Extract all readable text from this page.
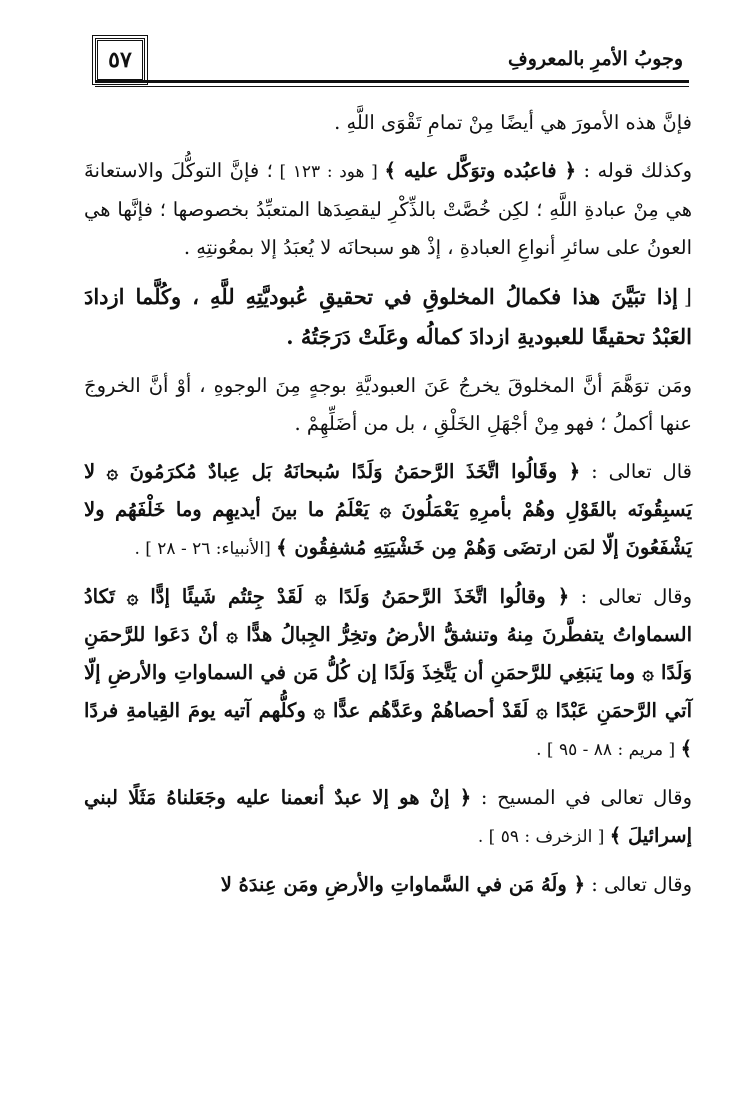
٥٧	وجوبُ الأمرِ بالمعروفِ

فإنَّ هذه الأمورَ هي أيضًا مِنْ تمامِ تَقْوَى اللَّهِ .

وكذلك قوله : ﴿ فاعبُده وتوَكَّل عليه ﴾ [ هود : ١٢٣ ] ؛ فإنَّ التوكُّلَ والاستعانةَ هي مِنْ عبادةِ اللَّهِ ؛ لكِن خُصَّتْ بالذِّكْرِ ليقصِدَها المتعبِّدُ بخصوصها ؛ فإنَّها هي العونُ على سائرِ أنواعِ العبادةِ ، إذْ هو سبحانَه لا يُعبَدُ إلا بمعُونتِهِ .

⌊إذا تبَيَّنَ هذا فكمالُ المخلوقِ في تحقيقِ عُبوديَّتِهِ للَّهِ ، وكُلَّما ازدادَ العَبْدُ تحقيقًا للعبوديةِ ازدادَ كمالُه وعَلَتْ دَرَجَتُهُ .

ومَن توَهَّمَ أنَّ المخلوقَ يخرجُ عَنَ العبوديَّةِ بوجهٍ مِنَ الوجوهِ ، أوْ أنَّ الخروجَ عنها أكملُ ؛ فهو مِنْ أجْهَلِ الخَلْقِ ، بل من أضَلِّهِمْ .

قال تعالى : ﴿ وقَالُوا اتَّخَذَ الرَّحمَنُ وَلَدًا سُبحانَهُ بَل عِبادٌ مُكرَمُونَ ۞ لا يَسبِقُونَه بالقَوْلِ وهُمْ بأمرِهِ يَعْمَلُونَ ۞ يَعْلَمُ ما بينَ أيديهِم وما خَلْفَهُم ولا يَشْفَعُونَ إلّا لمَن ارتضَى وَهُمْ مِن خَشْيَتِهِ مُشفِقُون ﴾ [الأنبياء: ٢٦ - ٢٨ ] .

وقال تعالى : ﴿ وقالُوا اتَّخَذَ الرَّحمَنُ وَلَدًا ۞ لَقَدْ جِئتُم شَيئًا إدًّا ۞ تَكادُ السماواتُ يتفطَّرنَ مِنهُ وتنشقُّ الأرضُ وتخِرُّ الجِبالُ هدًّا ۞ أنْ دَعَوا للرَّحمَنِ وَلَدًا ۞ وما يَنبَغِي للرَّحمَنِ أن يَتَّخِذَ وَلَدًا إن كُلُّ مَن في السماواتِ والأرضِ إلّا آتي الرَّحمَنِ عَبْدًا ۞ لَقَدْ أحصاهُمْ وعَدَّهُم عدًّا ۞ وكلُّهم آتيه يومَ القِيامةِ فردًا ﴾ [ مريم : ٨٨ - ٩٥ ] .

وقال تعالى في المسيح : ﴿ إنْ هو إلا عبدٌ أنعمنا عليه وجَعَلناهُ مَثَلًا لبني إسرائيلَ ﴾ [ الزخرف : ٥٩ ] .

وقال تعالى : ﴿ ولَهُ مَن في السَّماواتِ والأرضِ ومَن عِندَهُ لا
